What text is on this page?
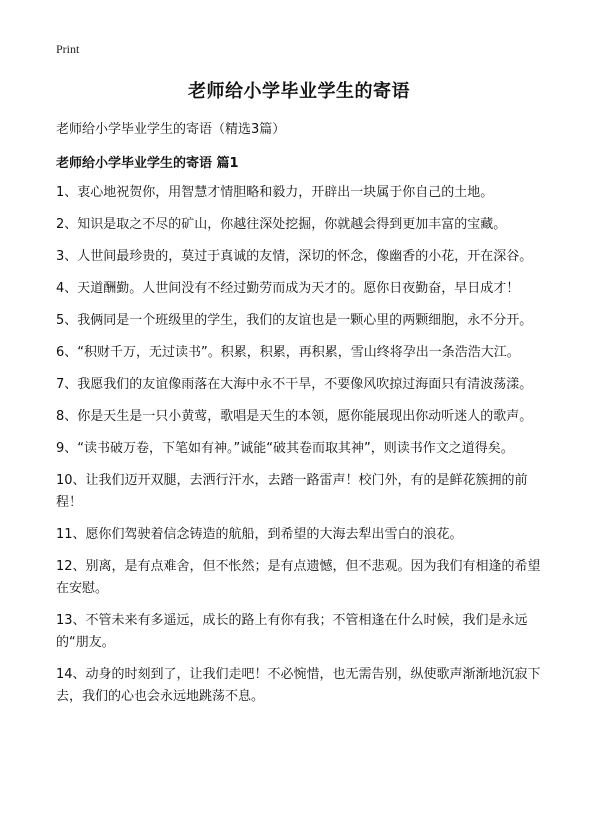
Print
老师给小学毕业学生的寄语

老师给小学毕业学生的寄语（精选3篇）

老师给小学毕业学生的寄语 篇1

1、衷心地祝贺你，用智慧才情胆略和毅力，开辟出一块属于你自己的土地。

2、知识是取之不尽的矿山，你越往深处挖掘，你就越会得到更加丰富的宝藏。

3、人世间最珍贵的，莫过于真诚的友情，深切的怀念，像幽香的小花，开在深谷。

4、天道酬勤。人世间没有不经过勤劳而成为天才的。愿你日夜勤奋，早日成才！

5、我俩同是一个班级里的学生，我们的友谊也是一颗心里的两颗细胞，永不分开。

6、“积财千万，无过读书”。积累，积累，再积累，雪山终将孕出一条浩浩大江。

7、我愿我们的友谊像雨落在大海中永不干旱，不要像风吹掠过海面只有清波荡漾。

8、你是天生是一只小黄莺，歌唱是天生的本领，愿你能展现出你动听迷人的歌声。

9、“读书破万卷，下笔如有神。”诚能“破其卷而取其神”，则读书作文之道得矣。

10、让我们迈开双腿，去洒行汗水，去踏一路雷声！校门外，有的是鲜花簇拥的前程！

11、愿你们驾驶着信念铸造的航船，到希望的大海去犁出雪白的浪花。

12、别离，是有点难舍，但不怅然；是有点遗憾，但不悲观。因为我们有相逢的希望在安慰。

13、不管未来有多遥远，成长的路上有你有我；不管相逢在什么时候，我们是永远的“朋友。

14、动身的时刻到了，让我们走吧！不必惋惜，也无需告别，纵使歌声渐渐地沉寂下去，我们的心也会永远地跳荡不息。
